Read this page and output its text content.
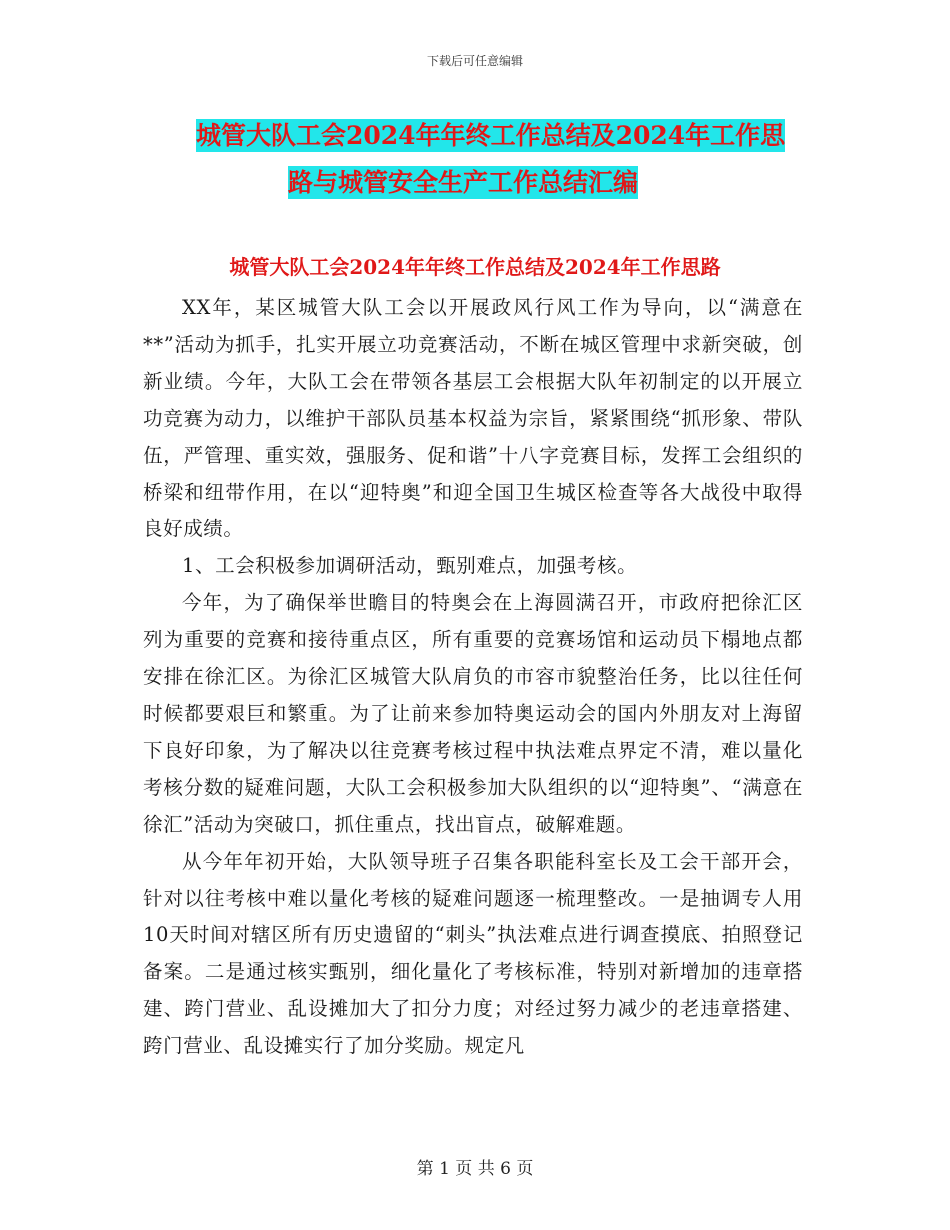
下载后可任意编辑
城管大队工会2024年年终工作总结及2024年工作思
路与城管安全生产工作总结汇编
城管大队工会2024年年终工作总结及2024年工作思路

XX年，某区城管大队工会以开展政风行风工作为导向，以“满意在**”活动为抓手，扎实开展立功竞赛活动，不断在城区管理中求新突破，创新业绩。今年，大队工会在带领各基层工会根据大队年初制定的以开展立功竞赛为动力，以维护干部队员基本权益为宗旨，紧紧围绕“抓形象、带队伍，严管理、重实效，强服务、促和谐”十八字竞赛目标，发挥工会组织的桥梁和纽带作用，在以“迎特奥”和迎全国卫生城区检查等各大战役中取得良好成绩。

1、工会积极参加调研活动，甄别难点，加强考核。

今年，为了确保举世瞻目的特奥会在上海圆满召开，市政府把徐汇区列为重要的竞赛和接待重点区，所有重要的竞赛场馆和运动员下榻地点都安排在徐汇区。为徐汇区城管大队肩负的市容市貌整治任务，比以往任何时候都要艰巨和繁重。为了让前来参加特奥运动会的国内外朋友对上海留下良好印象，为了解决以往竞赛考核过程中执法难点界定不清，难以量化考核分数的疑难问题，大队工会积极参加大队组织的以“迎特奥”、“满意在徐汇”活动为突破口，抓住重点，找出盲点，破解难题。

从今年年初开始，大队领导班子召集各职能科室长及工会干部开会，针对以往考核中难以量化考核的疑难问题逐一梳理整改。一是抽调专人用10天时间对辖区所有历史遗留的“刺头”执法难点进行调查摸底、拍照登记备案。二是通过核实甄别，细化量化了考核标准，特别对新增加的违章搭建、跨门营业、乱设摊加大了扣分力度；对经过努力减少的老违章搭建、跨门营业、乱设摊实行了加分奖励。规定凡

第 1 页 共 6 页
